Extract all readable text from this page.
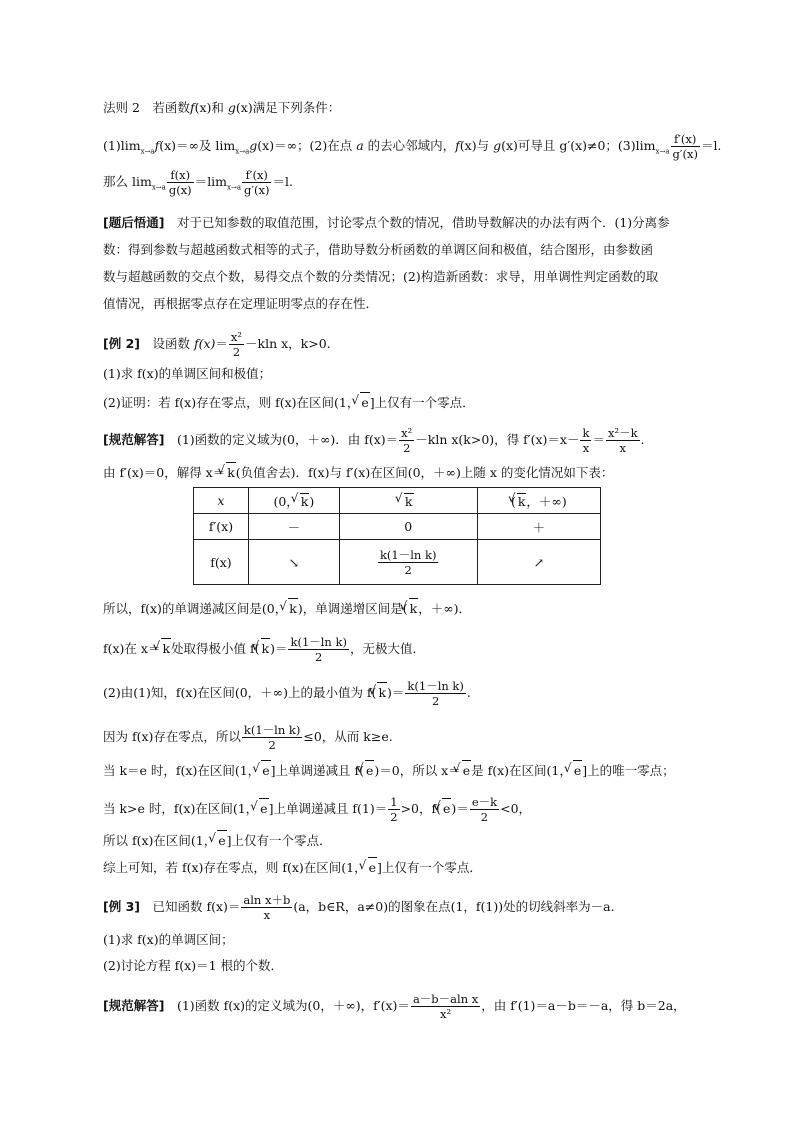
法则 2　若函数f(x)和 g(x)满足下列条件：
$(1)\lim_{x\to a}f(x)=\infty$及 $\lim_{x\to a}g(x)=\infty$；(2)在点 a 的去心邻域内，f(x)与 g(x)可导且 g′(x)≠0；$(3)\lim_{x\to a} \frac{f'(x)}{g'(x)} =l$.
那么 $\lim_{x\to a} \frac{f(x)}{g(x)} =\lim_{x\to a} \frac{f'(x)}{g'(x)} =l$.
[题后悟通]　对于已知参数的取值范围，讨论零点个数的情况，借助导数解决的办法有两个．(1)分离参
数：得到参数与超越函数式相等的式子，借助导数分析函数的单调区间和极值，结合图形，由参数函
数与超越函数的交点个数，易得交点个数的分类情况；(2)构造新函数：求导，用单调性判定函数的取
值情况，再根据零点存在定理证明零点的存在性．
[例 2]　设函数 $f(x)= \frac{\text{x²}}{2} -kln$ x，k>0.
(1)求 f(x)的单调区间和极值；
(2)证明：若 f(x)存在零点，则 f(x)在区间(1， √ e]上仅有一个零点．
[规范解答]　(1)函数的定义域为(0，＋∞)．由 $f(x)= \frac{\text{x²}}{2} -kln$ x(k>0)，得 $f'(x)=x- \frac{k}{x} = \frac{\text{x²－k}}{x}$ .
由 f′(x)＝0，解得 x＝ √ k(负值舍去)．f(x)与 f′(x)在区间(0，＋∞)上随 x 的变化情况如下表：
x	(0， √ k)	√ k	( √ k，＋∞)
f′(x)	－	0	＋
f(x)	↘	$\frac{\text{k(1－ln k)}}{2}$	↗
所以，f(x)的单调递减区间是(0， √ k)，单调递增区间是( √ k，＋∞)．
f(x)在 x＝ √ k处取得极小值 f( √ $k)= \frac{\text{k(1－ln k)}}{2}$ ，无极大值．
(2)由(1)知，f(x)在区间(0，＋∞)上的最小值为 f( √ $k)= \frac{\text{k(1－ln k)}}{2}$ .
因为 f(x)存在零点，所以 $\frac{\text{k(1－ln k)}}{2} \le 0$，从而 k≥e.
当 k＝e 时，f(x)在区间(1， √ e]上单调递减且 f( √ e)＝0，所以 x＝ √ e是 f(x)在区间(1， √ e]上的唯一零点；
当 k>e 时，f(x)在区间(1， √ e]上单调递减且 $f(1)= \frac{1}{2} >0$，f( √ $e)= \frac{e-k}{2} <0$，
所以 f(x)在区间(1， √ e]上仅有一个零点．
综上可知，若 f(x)存在零点，则 f(x)在区间(1， √ e]上仅有一个零点．
[例 3]　已知函数 $f(x)= \frac{\text{aln x＋b}}{x} (a$，b∈R，a≠0)的图象在点(1，f(1))处的切线斜率为－a.
(1)求 f(x)的单调区间；
(2)讨论方程 f(x)＝1 根的个数．
[规范解答]　(1)函数 f(x)的定义域为(0，＋∞)，$f'(x)= \frac{\text{a－b－aln x}}{\text{x²}}$ ，由 f′(1)＝a－b＝－a，得 b＝2a，
